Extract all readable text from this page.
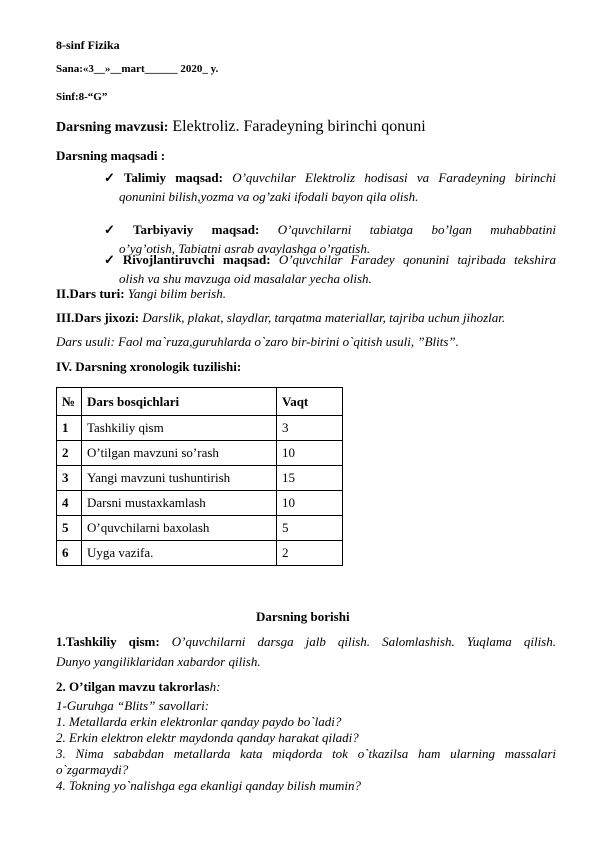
8-sinf Fizika
Sana:«3__»__mart______ 2020_ y.
Sinf:8-“G”
Darsning mavzusi: Elektroliz. Faradeyning birinchi qonuni
Darsning maqsadi :
✓ Talimiy maqsad: O’quvchilar Elektroliz hodisasi va Faradeyning birinchi
qonunini bilish,yozma va og’zaki ifodali bayon qila olish.
✓ Tarbiyaviy maqsad: O’quvchilarni tabiatga bo’lgan muhabbatini
o’yg’otish, Tabiatni asrab avaylashga o’rgatish.
✓ Rivojlantiruvchi maqsad: O’quvchilar Faradey qonunini tajribada tekshira
olish va shu mavzuga oid masalalar yecha olish.
II.Dars turi: Yangi bilim berish.
III.Dars jixozi: Darslik, plakat, slaydlar, tarqatma materiallar, tajriba uchun jihozlar.
Dars usuli: Faol ma`ruza,guruhlarda o`zaro bir-birini o`qitish usuli, ”Blits”.
IV. Darsning xronologik tuzilishi:
№	Dars bosqichlari	Vaqt
1	Tashkiliy qism	3
2	O’tilgan mavzuni so’rash	10
3	Yangi mavzuni tushuntirish	15
4	Darsni mustaxkamlash	10
5	O’quvchilarni baxolash	5
6	Uyga vazifa.	2
Darsning borishi
1.Tashkiliy qism: O’quvchilarni darsga jalb qilish. Salomlashish. Yuqlama qilish.
Dunyo yangiliklaridan xabardor qilish.
2. O’tilgan mavzu takrorlash:
1-Guruhga “Blits” savollari:
1. Metallarda erkin elektronlar qanday paydo bo`ladi?
2. Erkin elektron elektr maydonda qanday harakat qiladi?
3. Nima sababdan metallarda kata miqdorda tok o`tkazilsa ham ularning massalari
o`zgarmaydi?
4. Tokning yo`nalishga ega ekanligi qanday bilish mumin?
